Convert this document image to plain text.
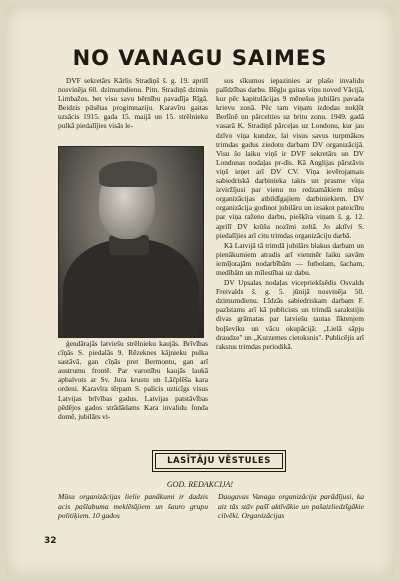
NO VANAGU SAIMES

DVF sekretārs Kārlis Stradiņš š. g. 19. aprilī nosvinēja 60. dzimumdienu. Pitn. Stradiņš dzimis Limbažos, bet visu savu bērnību pavadīja Rīgā. Beidzis pilsētas progimnaziju. Karavīru gaitas uzsācis 1915. gada 15. maijā un 15. strēlnieku pulkā piedalījies visās le-

ģendārajās latviešu strēlnieku kaujās. Brīvības cīņās S. piedalās 9. Rēzeknes kājnieku pulka sastāvā, gan cīņās pret Bermontu, gan arī austrumu frontē. Par varonību kaujās laukā apbalvots ar Sv. Jura krustu un Lāčplēša kara ordeni. Karavīra tērpam S. palicis uzticīgs visus Latvijas brīvības gadus. Latvijas patstāvības pēdējos gados strādādams Kara invalidu fonda domē, jubilārs vi-

sos sīkumos iepazinies ar plašo invalidu palīdzības darbu. Bēgļu gaitas viņu noved Vācijā, kur pēc kapitulācijas 9 mēnešus jubilārs pavada krievu zonā. Pēc tam viņam izdodas nokļūt Berlīnē un pārcelties uz britu zonu. 1949. gadā vasarā K. Stradiņš pārceļas uz Londonu, kur jau dzīvo viņa kundze, lai visus savus turpmākos trimdas gadus ziedotu darbam DV organizācijā. Visu šo laiku viņš ir DVF sekretārs un DV Londonas nodaļas pr-dis. Kā Anglijas pārstāvis viņš ieņet arī DV CV. Viņa ievērojamais sabiedriskā darbinieka takts un prasme viņa izviržījusi par vienu no redzamākiem mūsu organizācijas atbildīgajiem darbiniekiem. DV organizācija godinot jubilāru un izsakot pateicību par viņa raženo darbu, piešķīra viņam š. g. 12. aprilī DV krūšu nozīmi zeltā. Jo aktīvi S. piedalījies arī citu trimdas organizāciju darbā.

Kā Latvijā tā trimdā jubilārs blakus darbam un pienākumiem atradis arī vienmēr laiku savām iemīļotajām nodarbībām — futbolam, šacham, medībām un mīlestībai uz dabu.

DV Upsalas nodaļas vicepriekšsēdis Osvalds Freivalds š. g. 5. jūnijā nosvinēja 50. dzimumdienu. Līdzās sabiedriskam darbam F. pazīstams arī kā publicists un trimdā sarakstijis divas grāmatas par latviešu tautas līktenjem boļševiku un vācu okupācijā: „Lielā sāpju draudze" un „Kurzemes cietoksnis". Publicējis arī rakstus trimdas periodikā.

LASĪTĀJU VĒSTULES
GOD. REDAKCIJA!
Mūsu organizācijas lielie panākumi ir dadzis acis pašlabuma meklētājiem un šauro grupu politiķiem. 10 gados
Daugavas Vanagu organizācija parādījusi, ka aiz tās stāv pašī aktīvākie un pašaizliedzīgākie cilvēki. Organizācijas
32
